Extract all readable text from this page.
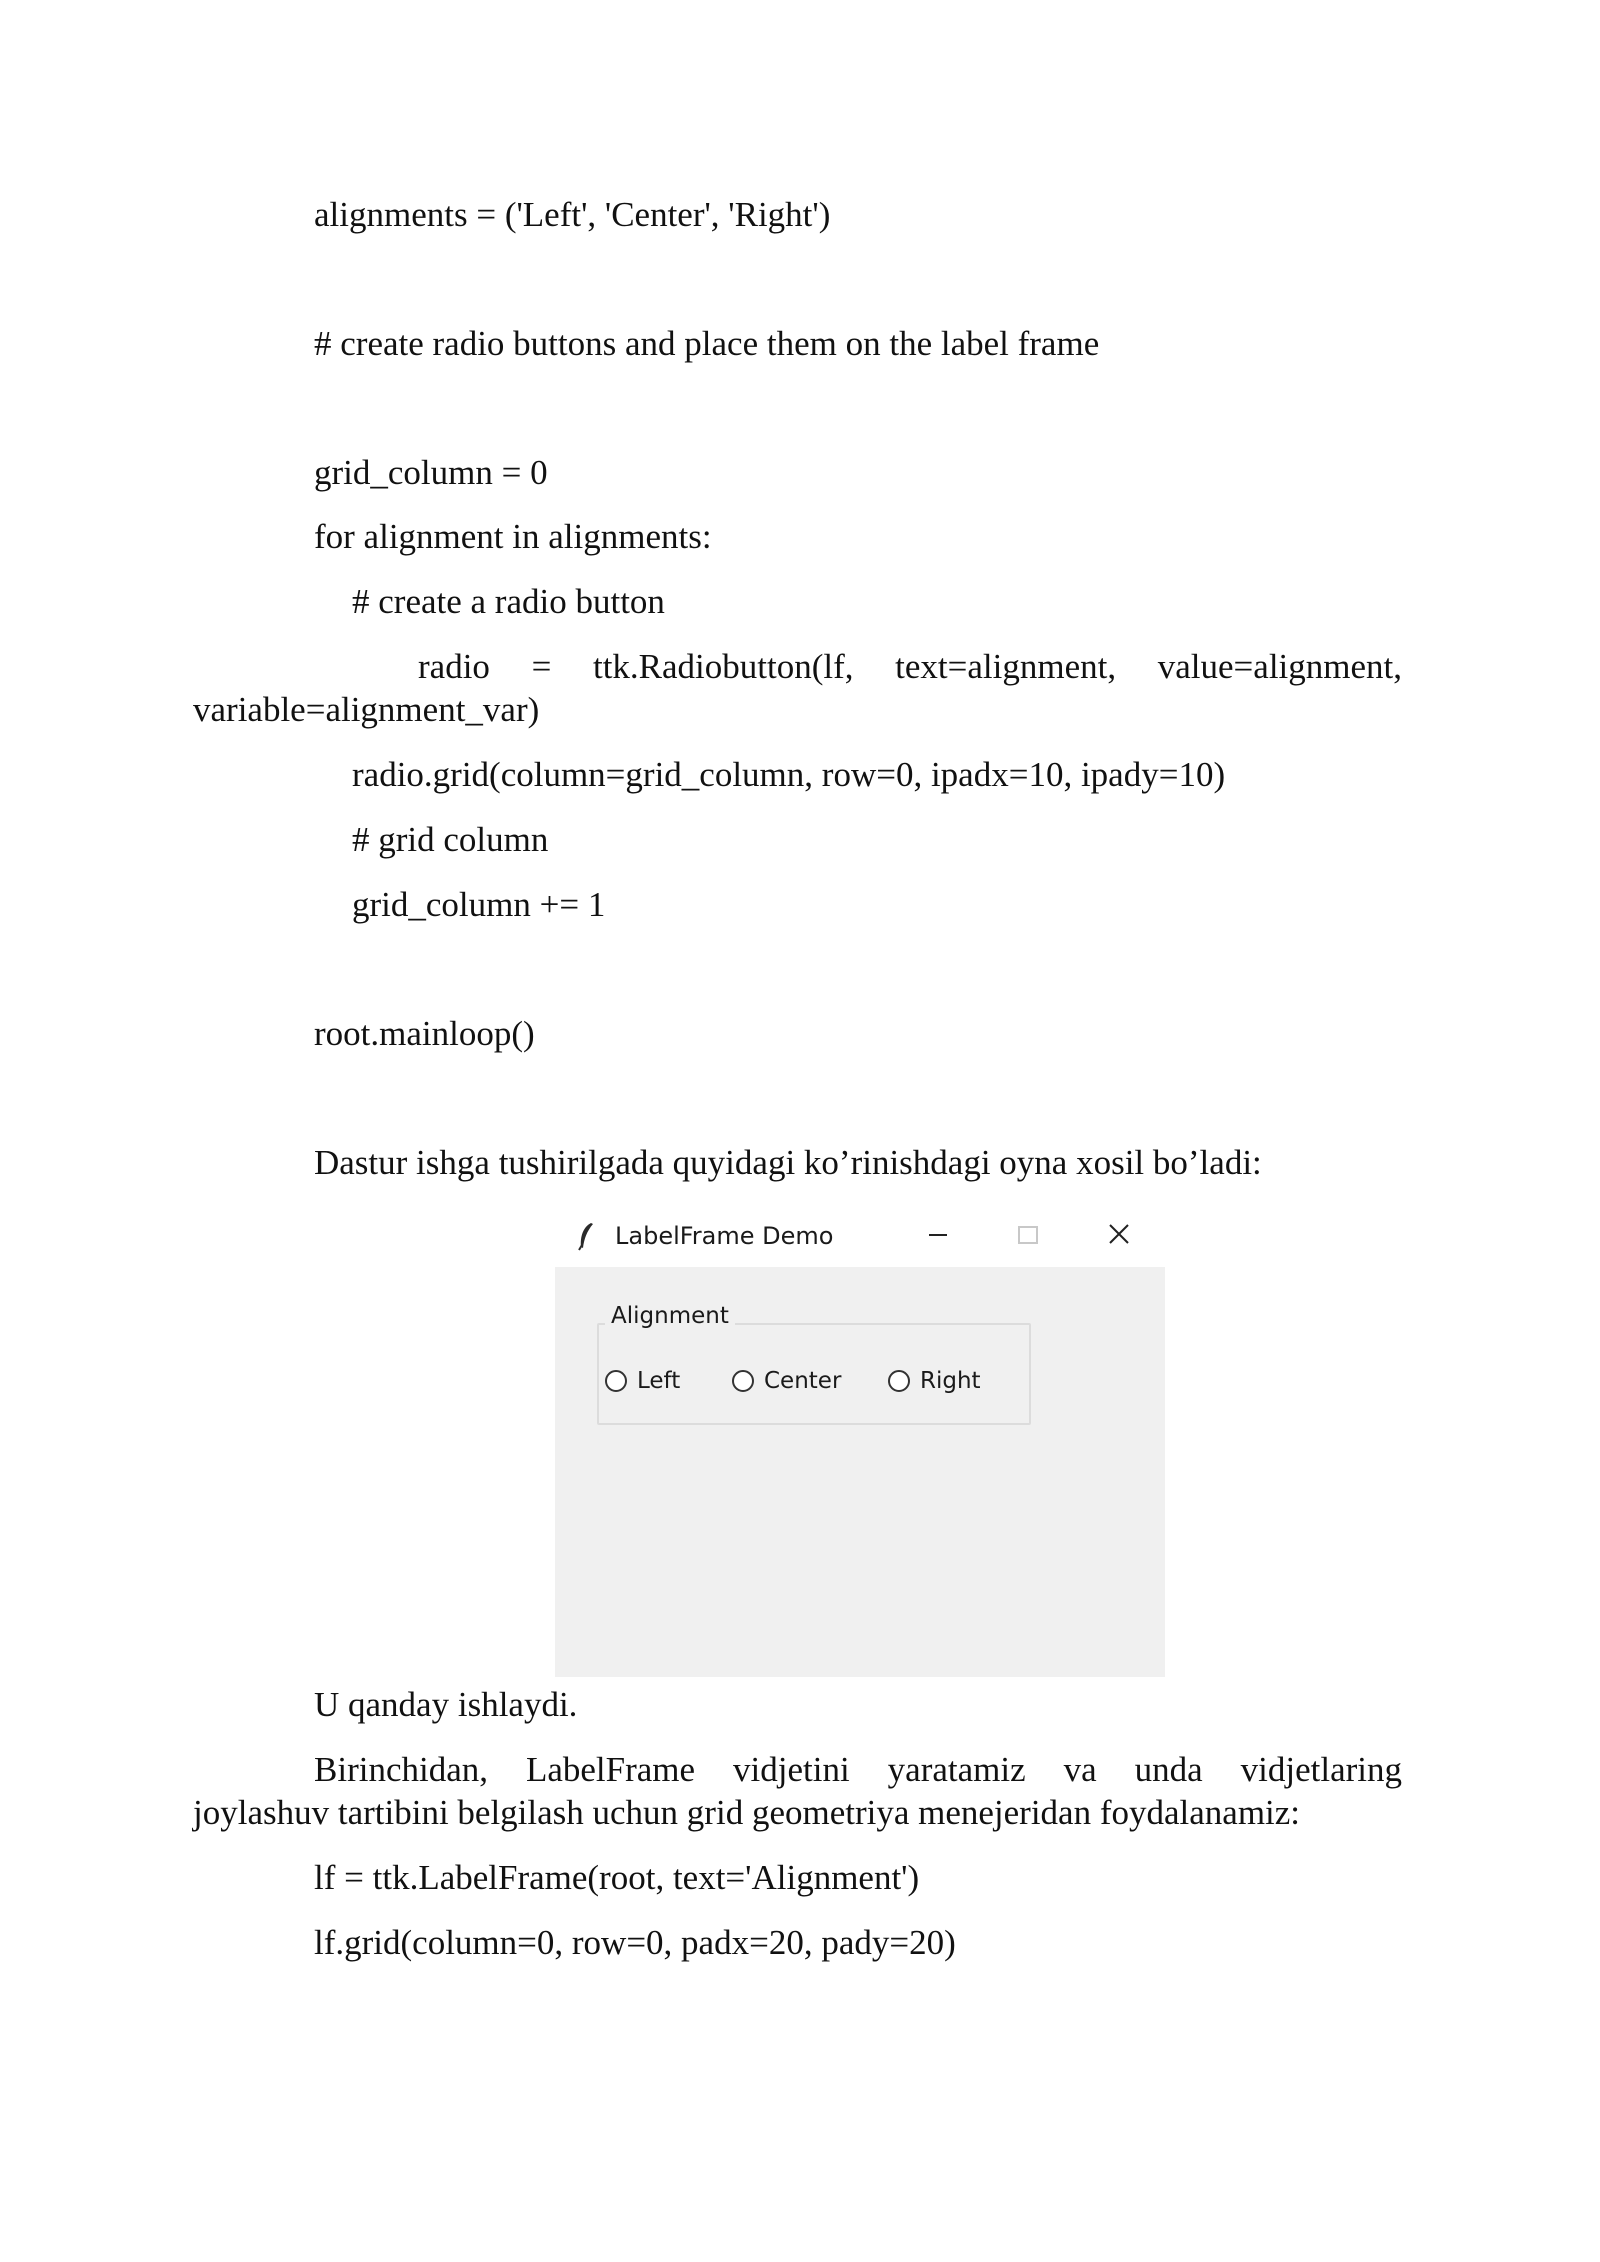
alignments = ('Left', 'Center', 'Right')
# create radio buttons and place them on the label frame
grid_column = 0
for alignment in alignments:
# create a radio button
radio = ttk.Radiobutton(lf, text=alignment, value=alignment,
variable=alignment_var)
radio.grid(column=grid_column, row=0, ipadx=10, ipady=10)
# grid column
grid_column += 1
root.mainloop()
Dastur ishga tushirilgada quyidagi ko’rinishdagi oyna xosil bo’ladi:
LabelFrame Demo
Alignment
Left	Center	Right
U qanday ishlaydi.
Birinchidan, LabelFrame vidjetini yaratamiz va unda vidjetlaring
joylashuv tartibini belgilash uchun grid geometriya menejeridan foydalanamiz:
lf = ttk.LabelFrame(root, text='Alignment')
lf.grid(column=0, row=0, padx=20, pady=20)
